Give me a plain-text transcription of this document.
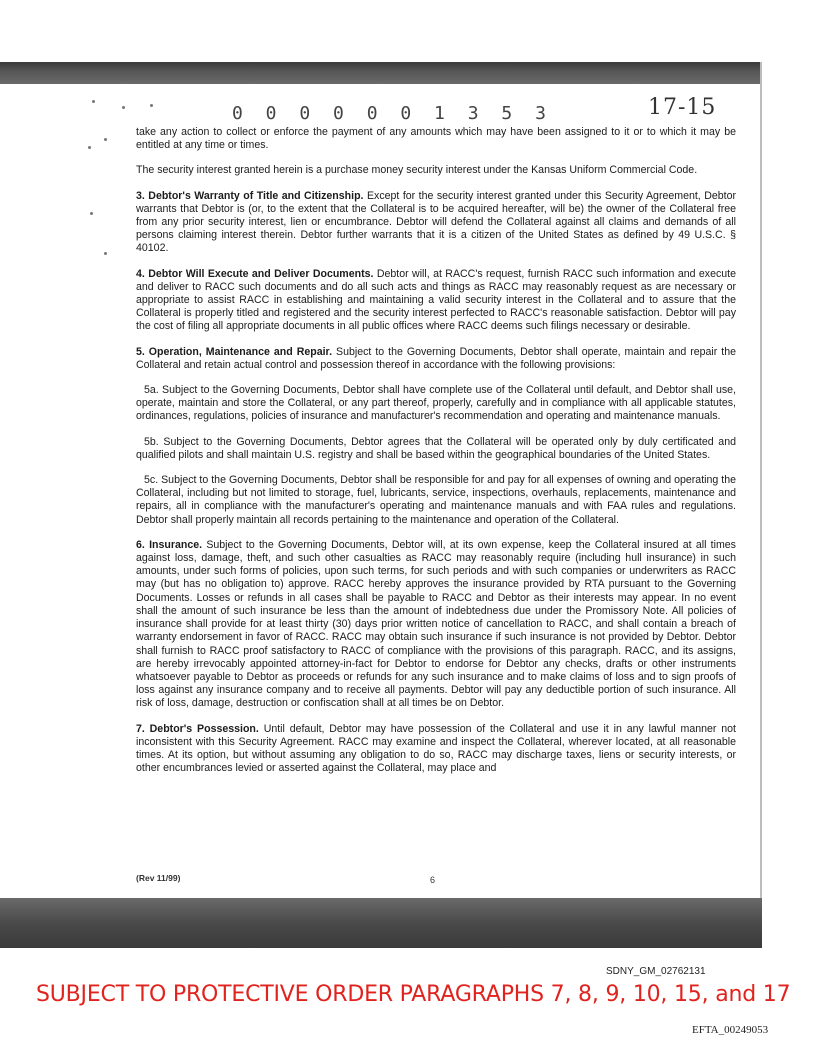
0 0 0 0 0 0 1 3 5 3	17-15

take any action to collect or enforce the payment of any amounts which may have been assigned to it or to which it may be entitled at any time or times.

The security interest granted herein is a purchase money security interest under the Kansas Uniform Commercial Code.

3. Debtor's Warranty of Title and Citizenship. Except for the security interest granted under this Security Agreement, Debtor warrants that Debtor is (or, to the extent that the Collateral is to be acquired hereafter, will be) the owner of the Collateral free from any prior security interest, lien or encumbrance. Debtor will defend the Collateral against all claims and demands of all persons claiming interest therein. Debtor further warrants that it is a citizen of the United States as defined by 49 U.S.C. § 40102.

4. Debtor Will Execute and Deliver Documents. Debtor will, at RACC's request, furnish RACC such information and execute and deliver to RACC such documents and do all such acts and things as RACC may reasonably request as are necessary or appropriate to assist RACC in establishing and maintaining a valid security interest in the Collateral and to assure that the Collateral is properly titled and registered and the security interest perfected to RACC's reasonable satisfaction. Debtor will pay the cost of filing all appropriate documents in all public offices where RACC deems such filings necessary or desirable.

5. Operation, Maintenance and Repair. Subject to the Governing Documents, Debtor shall operate, maintain and repair the Collateral and retain actual control and possession thereof in accordance with the following provisions:

5a. Subject to the Governing Documents, Debtor shall have complete use of the Collateral until default, and Debtor shall use, operate, maintain and store the Collateral, or any part thereof, properly, carefully and in compliance with all applicable statutes, ordinances, regulations, policies of insurance and manufacturer's recommendation and operating and maintenance manuals.

5b. Subject to the Governing Documents, Debtor agrees that the Collateral will be operated only by duly certificated and qualified pilots and shall maintain U.S. registry and shall be based within the geographical boundaries of the United States.

5c. Subject to the Governing Documents, Debtor shall be responsible for and pay for all expenses of owning and operating the Collateral, including but not limited to storage, fuel, lubricants, service, inspections, overhauls, replacements, maintenance and repairs, all in compliance with the manufacturer's operating and maintenance manuals and with FAA rules and regulations. Debtor shall properly maintain all records pertaining to the maintenance and operation of the Collateral.

6. Insurance. Subject to the Governing Documents, Debtor will, at its own expense, keep the Collateral insured at all times against loss, damage, theft, and such other casualties as RACC may reasonably require (including hull insurance) in such amounts, under such forms of policies, upon such terms, for such periods and with such companies or underwriters as RACC may (but has no obligation to) approve. RACC hereby approves the insurance provided by RTA pursuant to the Governing Documents. Losses or refunds in all cases shall be payable to RACC and Debtor as their interests may appear. In no event shall the amount of such insurance be less than the amount of indebtedness due under the Promissory Note. All policies of insurance shall provide for at least thirty (30) days prior written notice of cancellation to RACC, and shall contain a breach of warranty endorsement in favor of RACC. RACC may obtain such insurance if such insurance is not provided by Debtor. Debtor shall furnish to RACC proof satisfactory to RACC of compliance with the provisions of this paragraph. RACC, and its assigns, are hereby irrevocably appointed attorney-in-fact for Debtor to endorse for Debtor any checks, drafts or other instruments whatsoever payable to Debtor as proceeds or refunds for any such insurance and to make claims of loss and to sign proofs of loss against any insurance company and to receive all payments. Debtor will pay any deductible portion of such insurance. All risk of loss, damage, destruction or confiscation shall at all times be on Debtor.

7. Debtor's Possession. Until default, Debtor may have possession of the Collateral and use it in any lawful manner not inconsistent with this Security Agreement. RACC may examine and inspect the Collateral, wherever located, at all reasonable times. At its option, but without assuming any obligation to do so, RACC may discharge taxes, liens or security interests, or other encumbrances levied or asserted against the Collateral, may place and

(Rev 11/99)	6
SDNY_GM_02762131
SUBJECT TO PROTECTIVE ORDER PARAGRAPHS 7, 8, 9, 10, 15, and 17
EFTA_00249053
